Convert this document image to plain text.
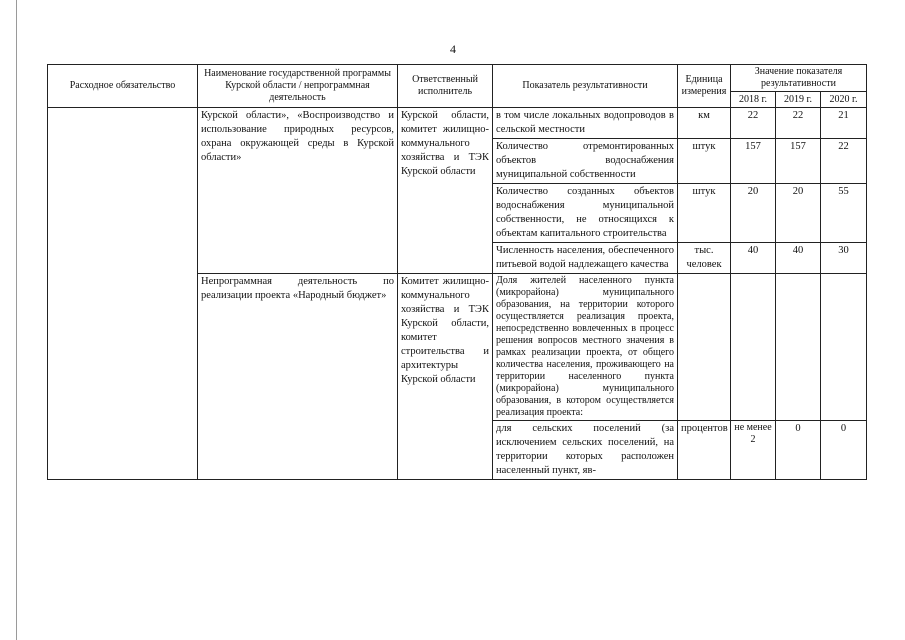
4
Расходное обязательство	Наименование государственной программы Курской области / непрограммная деятельность	Ответственный исполнитель	Показатель результативности	Единица измерения	Значение показателя результативности		
					2018 г.	2019 г.	2020 г.
	Курской области», «Воспроизводство и использование природных ресурсов, охрана окружающей среды в Курской области»	Курской области, комитет жилищно-коммунального хозяйства и ТЭК Курской области	в том числе локальных водопроводов в сельской местности	км	22	22	21
			Количество отремонтированных объектов водоснабжения муниципальной собственности	штук	157	157	22
			Количество созданных объектов водоснабжения муниципальной собственности, не относящихся к объектам капитального строительства	штук	20	20	55
			Численность населения, обеспеченного питьевой водой надлежащего качества	тыс. человек	40	40	30
	Непрограммная деятельность по реализации проекта «Народный бюджет»	Комитет жилищно-коммунального хозяйства и ТЭК Курской области, комитет строительства и архитектуры Курской области	Доля жителей населенного пункта (микрорайона) муниципального образования, на территории которого осуществляется реализация проекта, непосредственно вовлеченных в процесс решения вопросов местного значения в рамках реализации проекта, от общего количества населения, проживающего на территории населенного пункта (микрорайона) муниципального образования, в котором осуществляется реализация проекта:				
			для сельских поселений (за исключением сельских поселений, на территории которых расположен населенный пункт, яв-	процентов	не менее 2	0	0
